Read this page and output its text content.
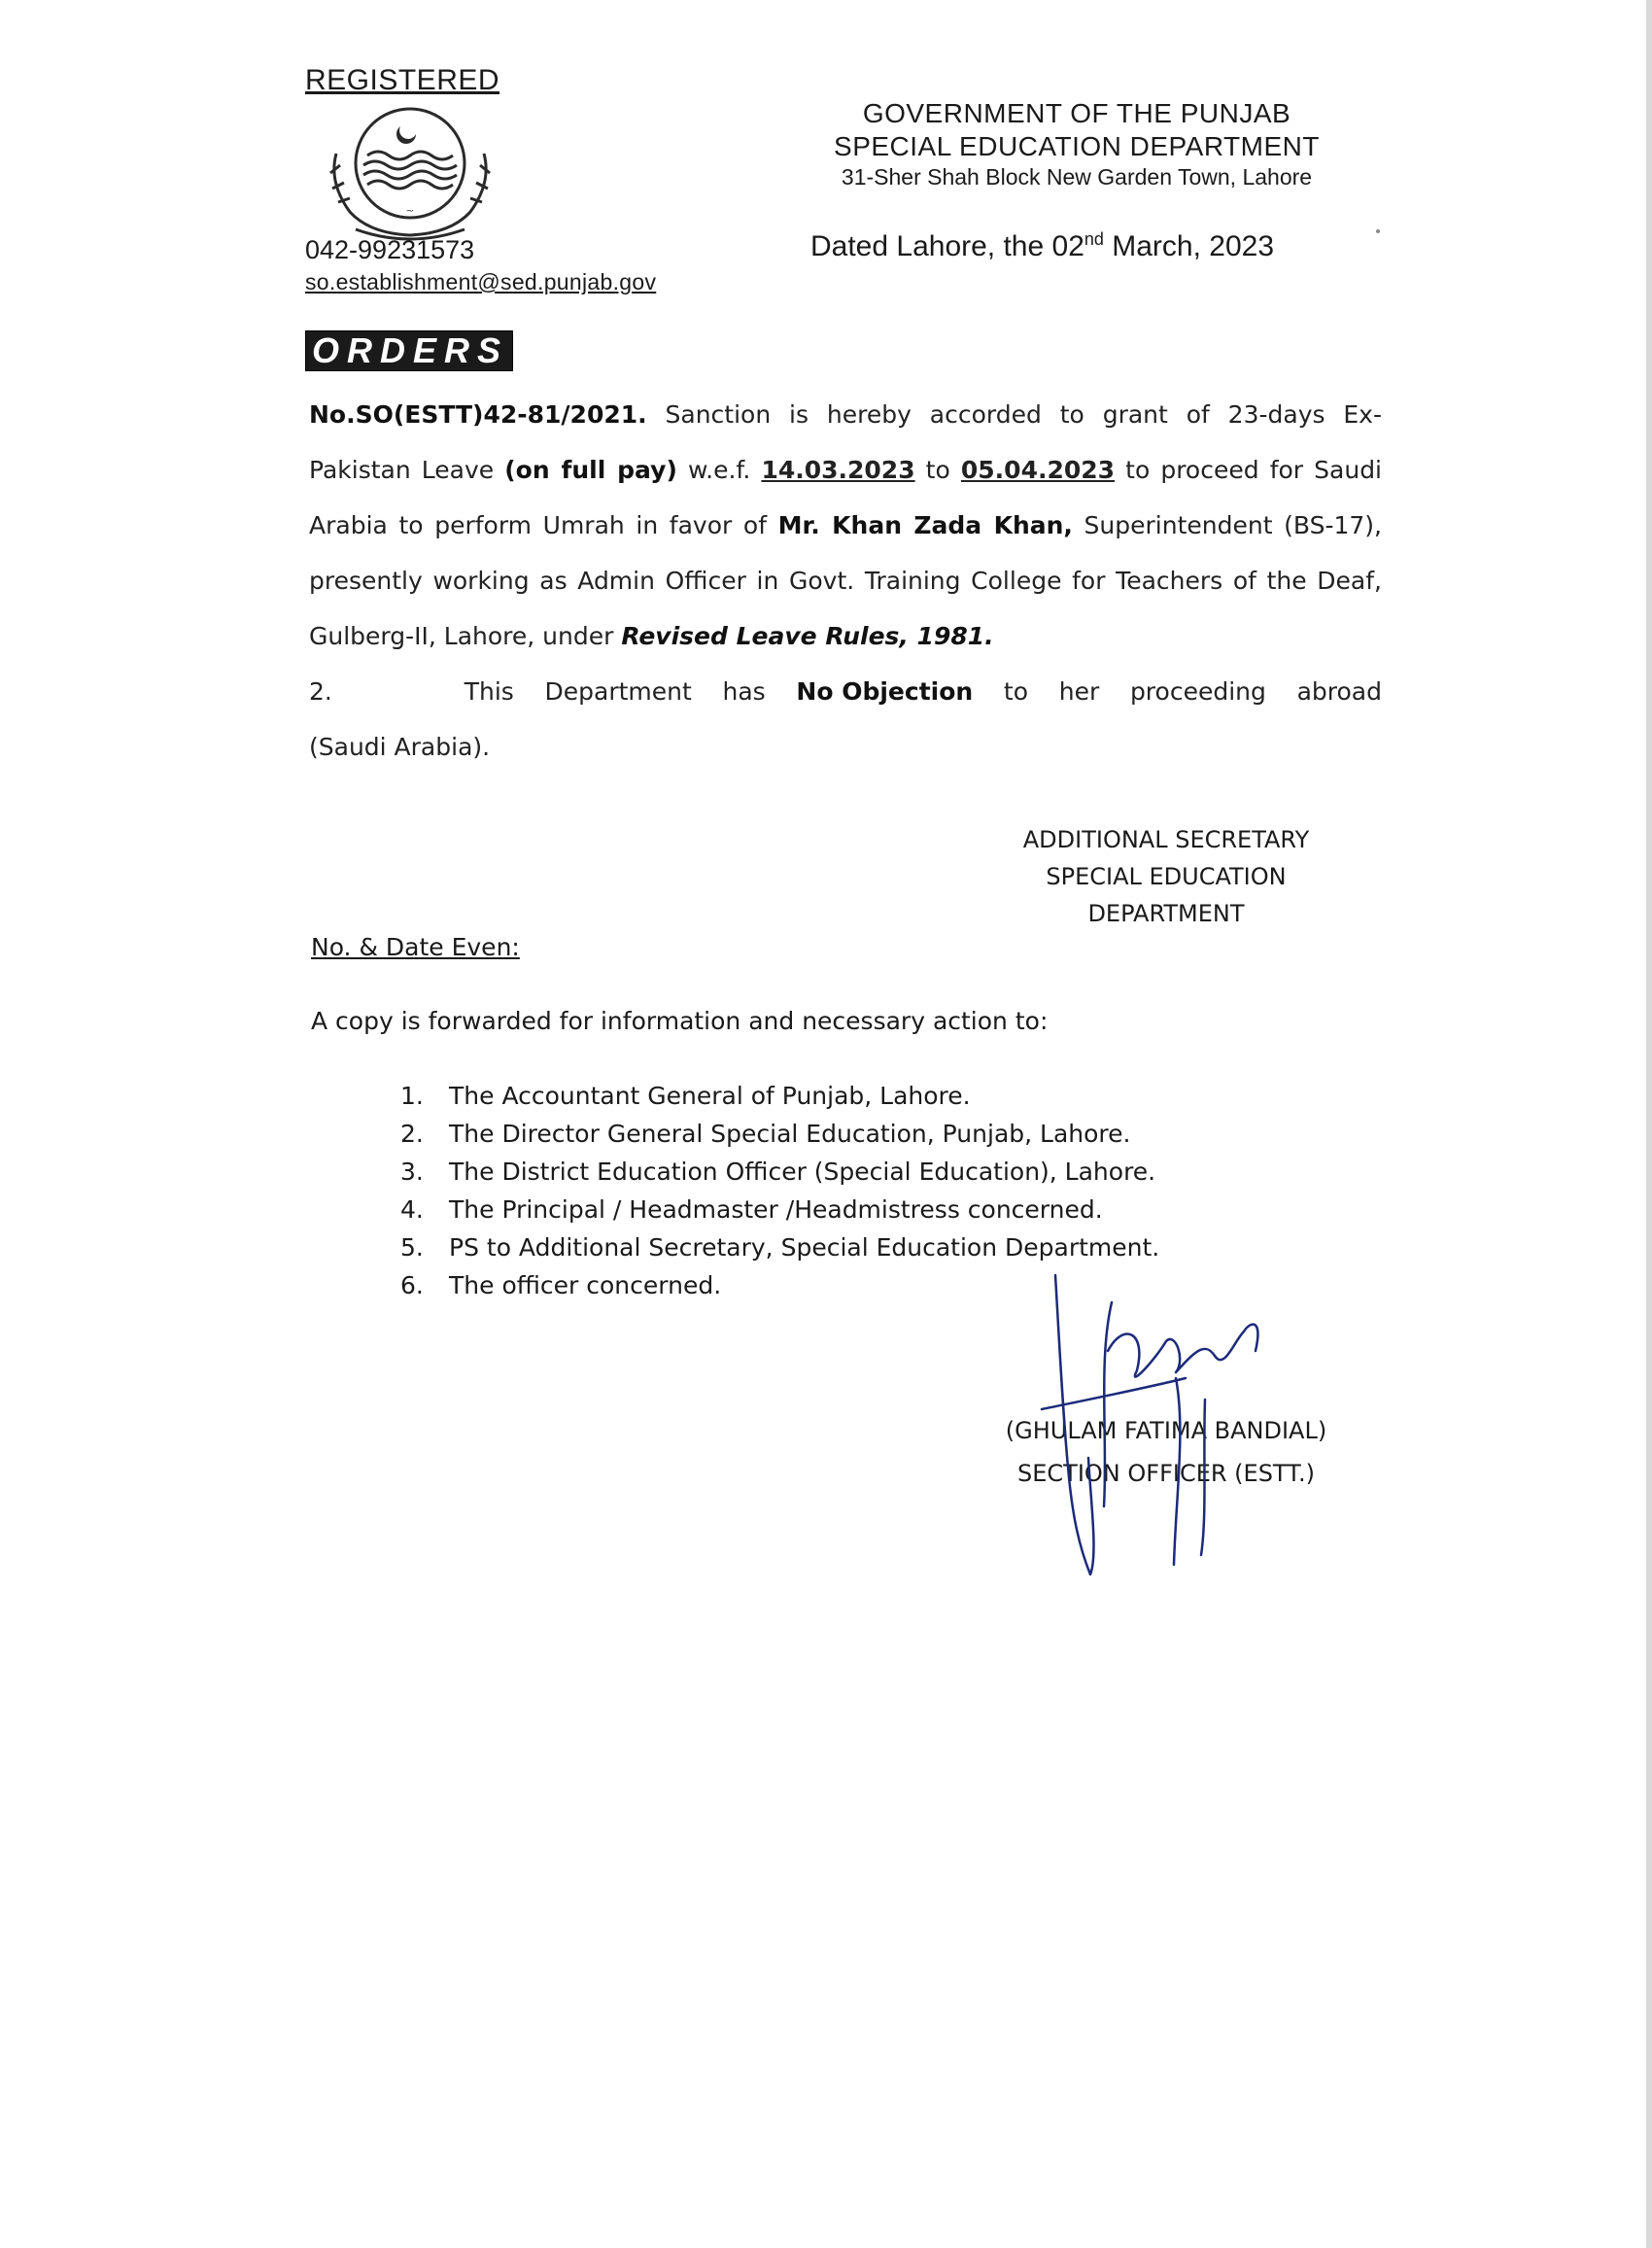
REGISTERED
~
042-99231573
so.establishment@sed.punjab.gov
GOVERNMENT OF THE PUNJAB
SPECIAL EDUCATION DEPARTMENT
31-Sher Shah Block New Garden Town, Lahore
Dated Lahore, the 02nd March, 2023
ORDERS
No.SO(ESTT)42-81/2021. Sanction is hereby accorded to grant of 23-days Ex-Pakistan Leave (on full pay) w.e.f. 14.03.2023 to 05.04.2023 to proceed for Saudi Arabia to perform Umrah in favor of Mr. Khan Zada Khan, Superintendent (BS-17), presently working as Admin Officer in Govt. Training College for Teachers of the Deaf, Gulberg-II, Lahore, under Revised Leave Rules, 1981.
2.	This Department has No Objection to her proceeding abroad
(Saudi Arabia).
ADDITIONAL SECRETARY
SPECIAL EDUCATION
DEPARTMENT
No. & Date Even:
A copy is forwarded for information and necessary action to:
1.	The Accountant General of Punjab, Lahore.
2.	The Director General Special Education, Punjab, Lahore.
3.	The District Education Officer (Special Education), Lahore.
4.	The Principal / Headmaster /Headmistress concerned.
5.	PS to Additional Secretary, Special Education Department.
6.	The officer concerned.
(GHULAM FATIMA BANDIAL)
SECTION OFFICER (ESTT.)
